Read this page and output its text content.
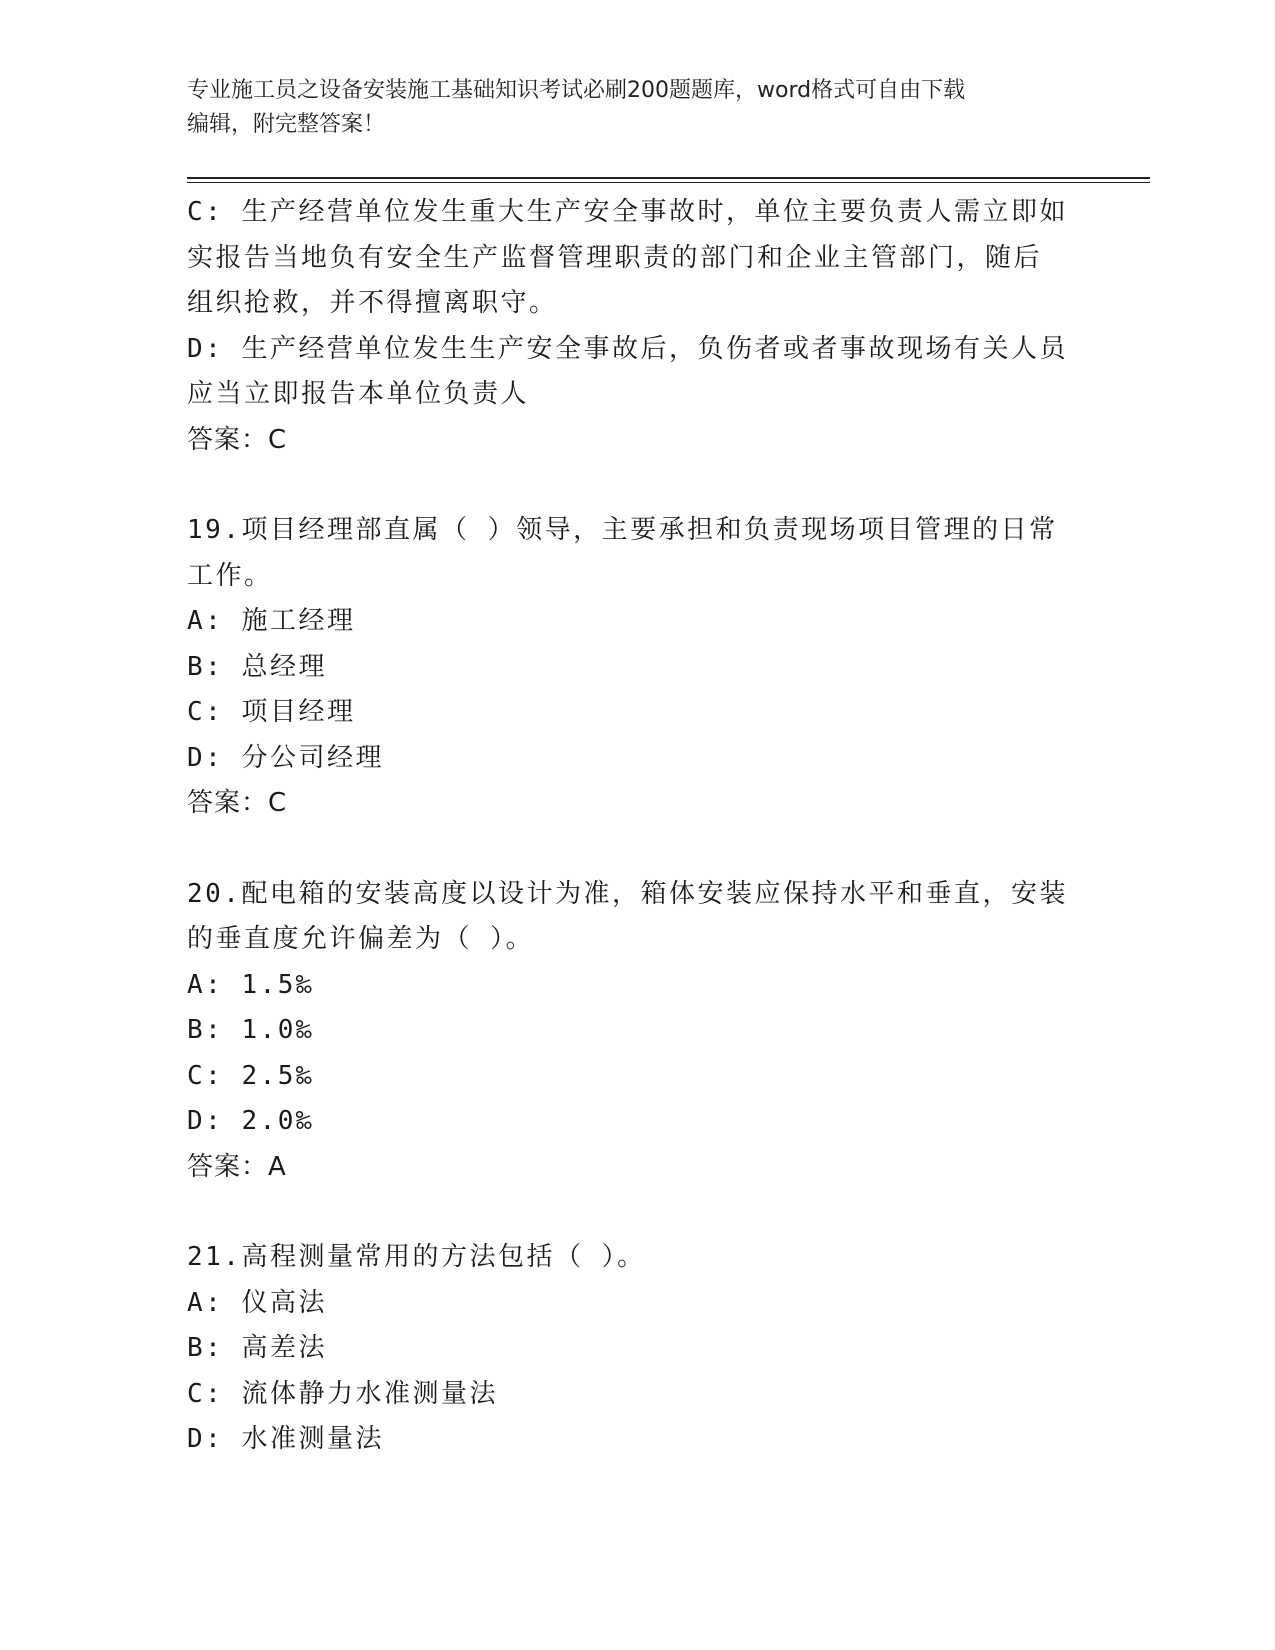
专业施工员之设备安装施工基础知识考试必刷200题题库，word格式可自由下载
编辑，附完整答案！
C: 生产经营单位发生重大生产安全事故时，单位主要负责人需立即如
实报告当地负有安全生产监督管理职责的部门和企业主管部门，随后
组织抢救，并不得擅离职守。
D: 生产经营单位发生生产安全事故后，负伤者或者事故现场有关人员
应当立即报告本单位负责人
答案：C
19.项目经理部直属（ ）领导，主要承担和负责现场项目管理的日常
工作。
A: 施工经理
B: 总经理
C: 项目经理
D: 分公司经理
答案：C
20.配电箱的安装高度以设计为准，箱体安装应保持水平和垂直，安装
的垂直度允许偏差为（ ）。
A: 1.5‰
B: 1.0‰
C: 2.5‰
D: 2.0‰
答案：A
21.高程测量常用的方法包括（ ）。
A: 仪高法
B: 高差法
C: 流体静力水准测量法
D: 水准测量法
